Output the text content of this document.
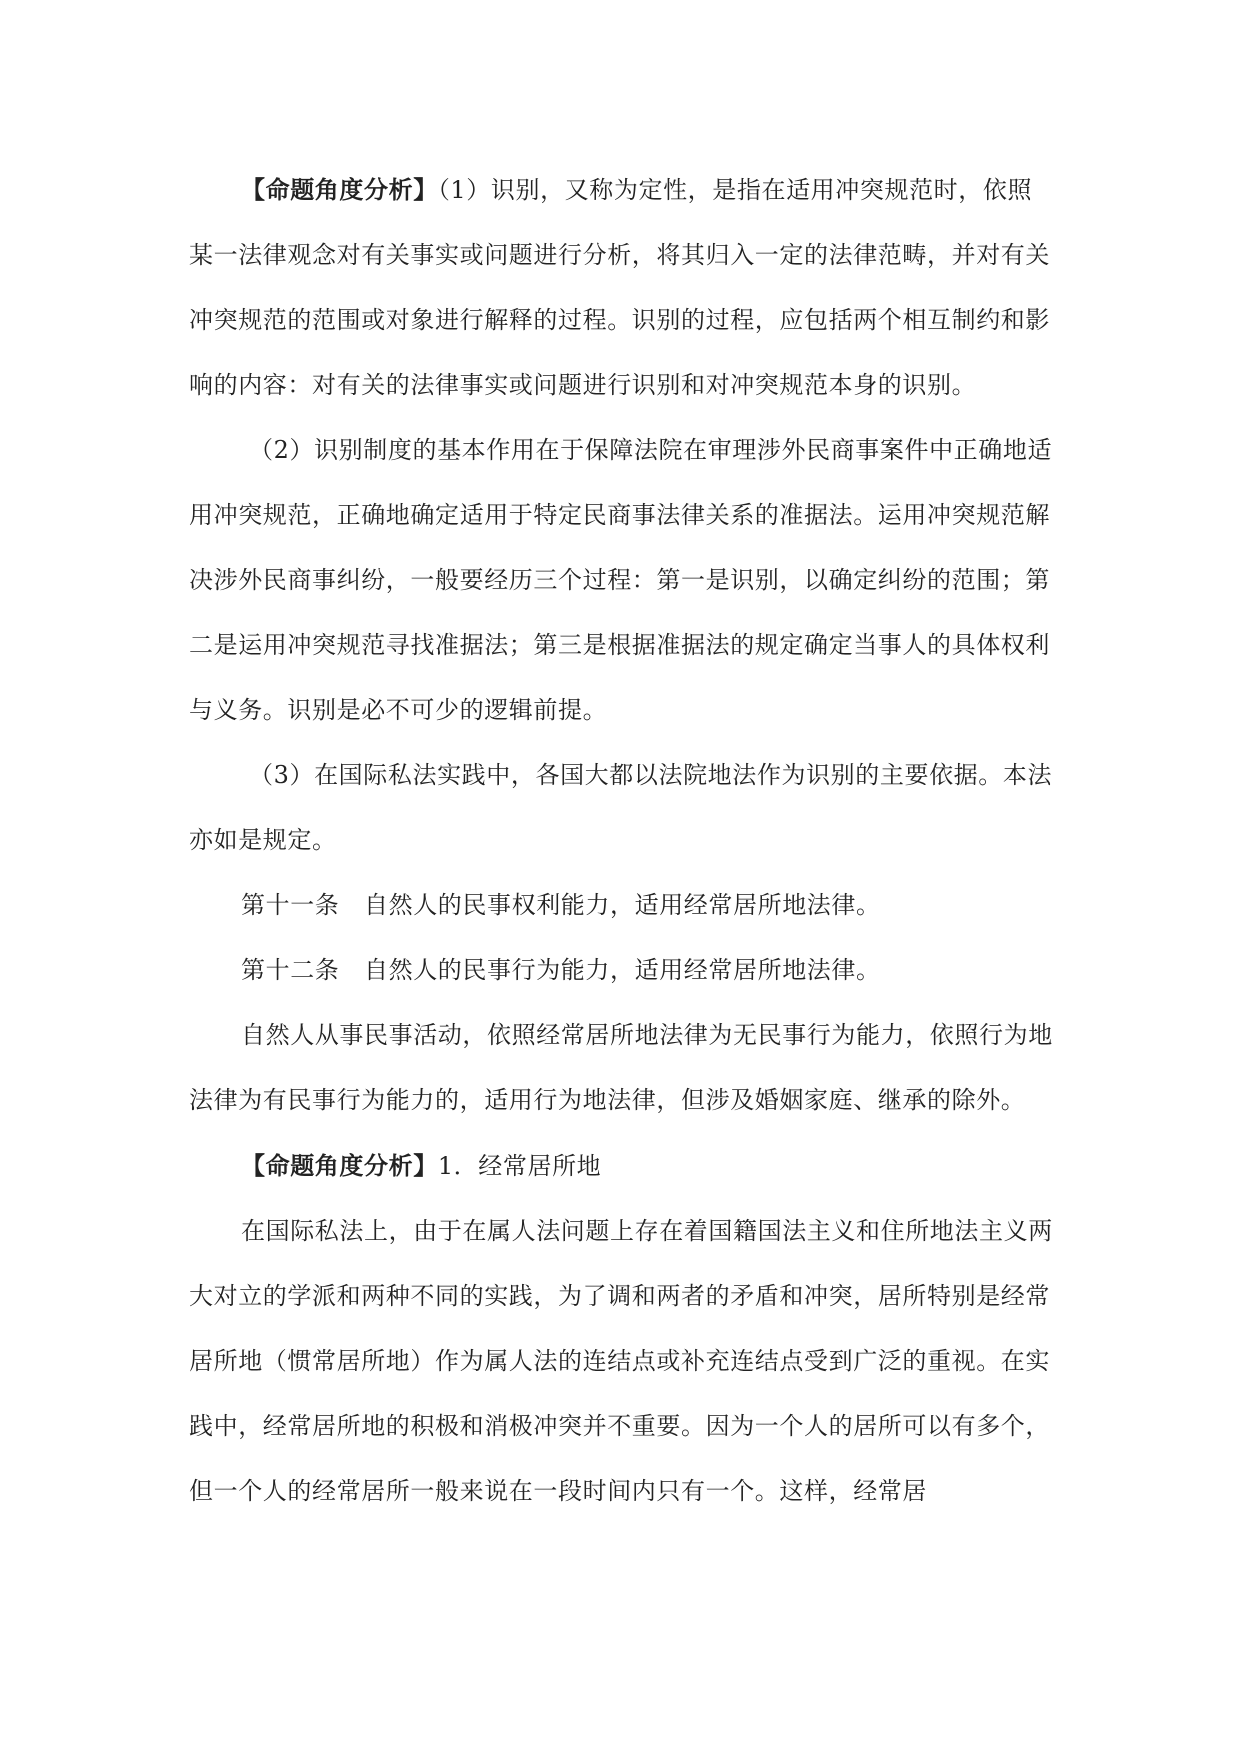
【命题角度分析】（1）识别，又称为定性，是指在适用冲突规范时，依照某一法律观念对有关事实或问题进行分析，将其归入一定的法律范畴，并对有关冲突规范的范围或对象进行解释的过程。识别的过程，应包括两个相互制约和影响的内容：对有关的法律事实或问题进行识别和对冲突规范本身的识别。

（2）识别制度的基本作用在于保障法院在审理涉外民商事案件中正确地适用冲突规范，正确地确定适用于特定民商事法律关系的准据法。运用冲突规范解决涉外民商事纠纷，一般要经历三个过程：第一是识别，以确定纠纷的范围；第二是运用冲突规范寻找准据法；第三是根据准据法的规定确定当事人的具体权利与义务。识别是必不可少的逻辑前提。

（3）在国际私法实践中，各国大都以法院地法作为识别的主要依据。本法亦如是规定。

第十一条　自然人的民事权利能力，适用经常居所地法律。

第十二条　自然人的民事行为能力，适用经常居所地法律。

自然人从事民事活动，依照经常居所地法律为无民事行为能力，依照行为地法律为有民事行为能力的，适用行为地法律，但涉及婚姻家庭、继承的除外。

【命题角度分析】1．经常居所地

在国际私法上，由于在属人法问题上存在着国籍国法主义和住所地法主义两大对立的学派和两种不同的实践，为了调和两者的矛盾和冲突，居所特别是经常居所地（惯常居所地）作为属人法的连结点或补充连结点受到广泛的重视。在实践中，经常居所地的积极和消极冲突并不重要。因为一个人的居所可以有多个，但一个人的经常居所一般来说在一段时间内只有一个。这样，经常居
